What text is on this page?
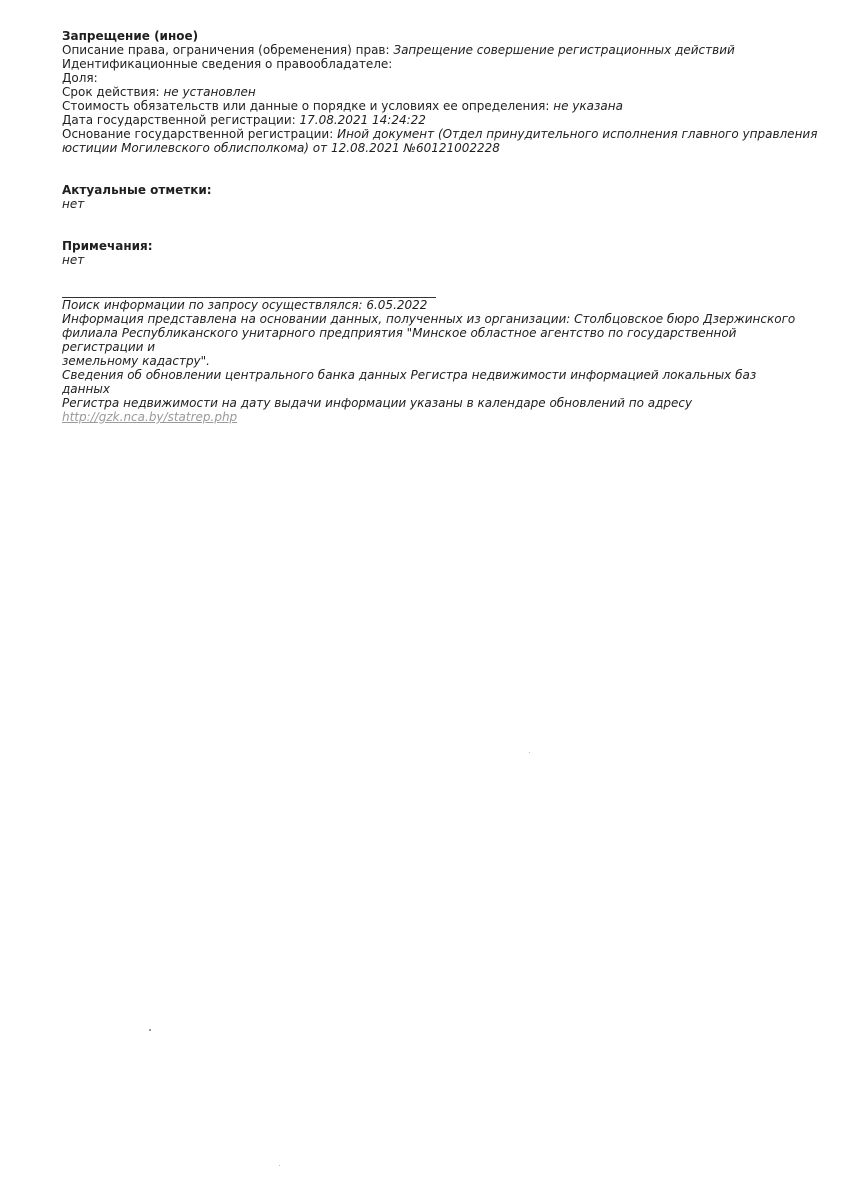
Запрещение (иное)
Описание права, ограничения (обременения) прав: Запрещение совершение регистрационных действий
Идентификационные сведения о правообладателе:
Доля:
Срок действия: не установлен
Стоимость обязательств или данные о порядке и условиях ее определения: не указана
Дата государственной регистрации: 17.08.2021 14:24:22
Основание государственной регистрации: Иной документ (Отдел принудительного исполнения главного управления
юстиции Могилевского облисполкома) от 12.08.2021 №60121002228
Актуальные отметки:
нет
Примечания:
нет
Поиск информации по запросу осуществлялся: 6.05.2022
Информация представлена на основании данных, полученных из организации: Столбцовское бюро Дзержинского
филиала Республиканского унитарного предприятия "Минское областное агентство по государственной регистрации и
земельному кадастру".
Сведения об обновлении центрального банка данных Регистра недвижимости информацией локальных баз данных
Регистра недвижимости на дату выдачи информации указаны в календаре обновлений по адресу
http://gzk.nca.by/statrep.php
